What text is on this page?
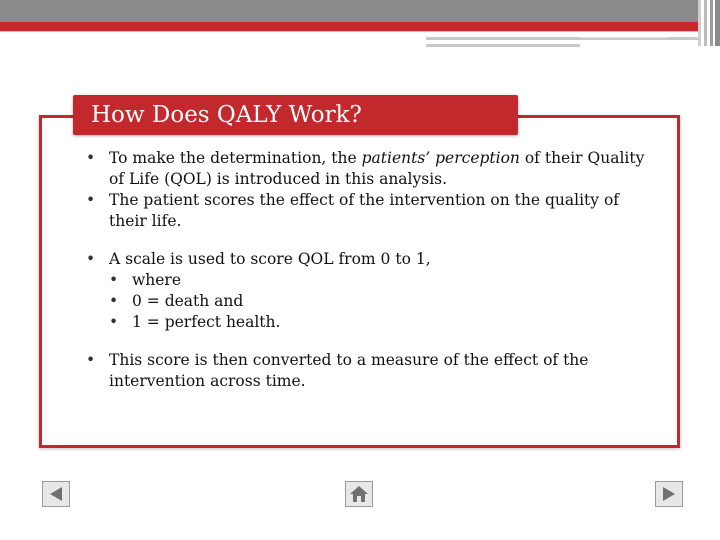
How Does QALY Work?
• To make the determination, the patients’ perception of their Quality of Life (QOL) is introduced in this analysis.
• The patient scores the effect of the intervention on the quality of their life.
• A scale is used to score QOL from 0 to 1,
• where
• 0 = death and
• 1 = perfect health.
• This score is then converted to a measure of the effect of the intervention across time.
